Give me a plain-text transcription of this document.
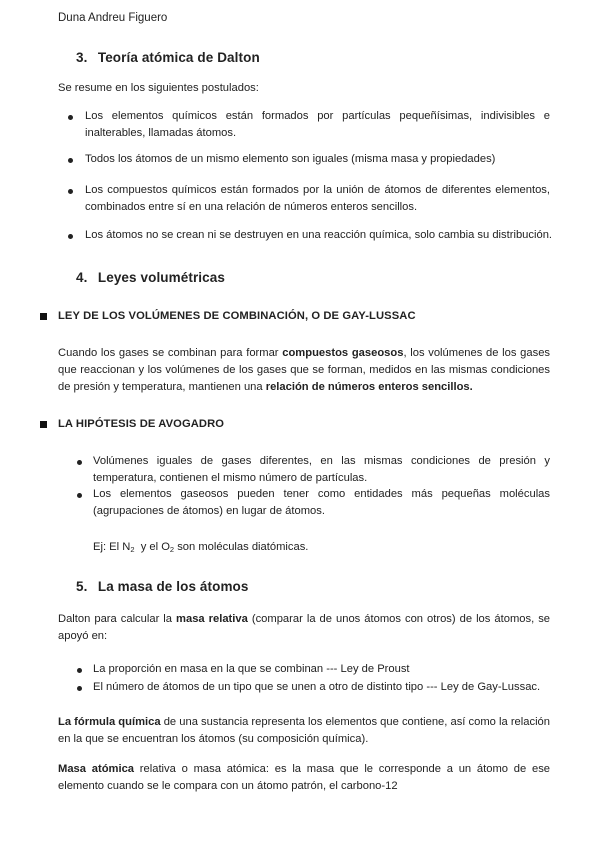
Duna Andreu Figuero
3. Teoría atómica de Dalton
Se resume en los siguientes postulados:
Los elementos químicos están formados por partículas pequeñísimas, indivisibles e inalterables, llamadas átomos.
Todos los átomos de un mismo elemento son iguales (misma masa y propiedades)
Los compuestos químicos están formados por la unión de átomos de diferentes elementos, combinados entre sí en una relación de números enteros sencillos.
Los átomos no se crean ni se destruyen en una reacción química, solo cambia su distribución.
4. Leyes volumétricas
LEY DE LOS VOLÚMENES DE COMBINACIÓN, O DE GAY-LUSSAC
Cuando los gases se combinan para formar compuestos gaseosos, los volúmenes de los gases que reaccionan y los volúmenes de los gases que se forman, medidos en las mismas condiciones de presión y temperatura, mantienen una relación de números enteros sencillos.
LA HIPÓTESIS DE AVOGADRO
Volúmenes iguales de gases diferentes, en las mismas condiciones de presión y temperatura, contienen el mismo número de partículas.
Los elementos gaseosos pueden tener como entidades más pequeñas moléculas (agrupaciones de átomos) en lugar de átomos.
Ej: El $N_2$  y el $O_2$ son moléculas diatómicas.
5. La masa de los átomos
Dalton para calcular la masa relativa (comparar la de unos átomos con otros) de los átomos, se apoyó en:
La proporción en masa en la que se combinan --- Ley de Proust
El número de átomos de un tipo que se unen a otro de distinto tipo --- Ley de Gay-Lussac.
La fórmula química de una sustancia representa los elementos que contiene, así como la relación en la que se encuentran los átomos (su composición química).
Masa atómica relativa o masa atómica: es la masa que le corresponde a un átomo de ese elemento cuando se le compara con un átomo patrón, el carbono-12
